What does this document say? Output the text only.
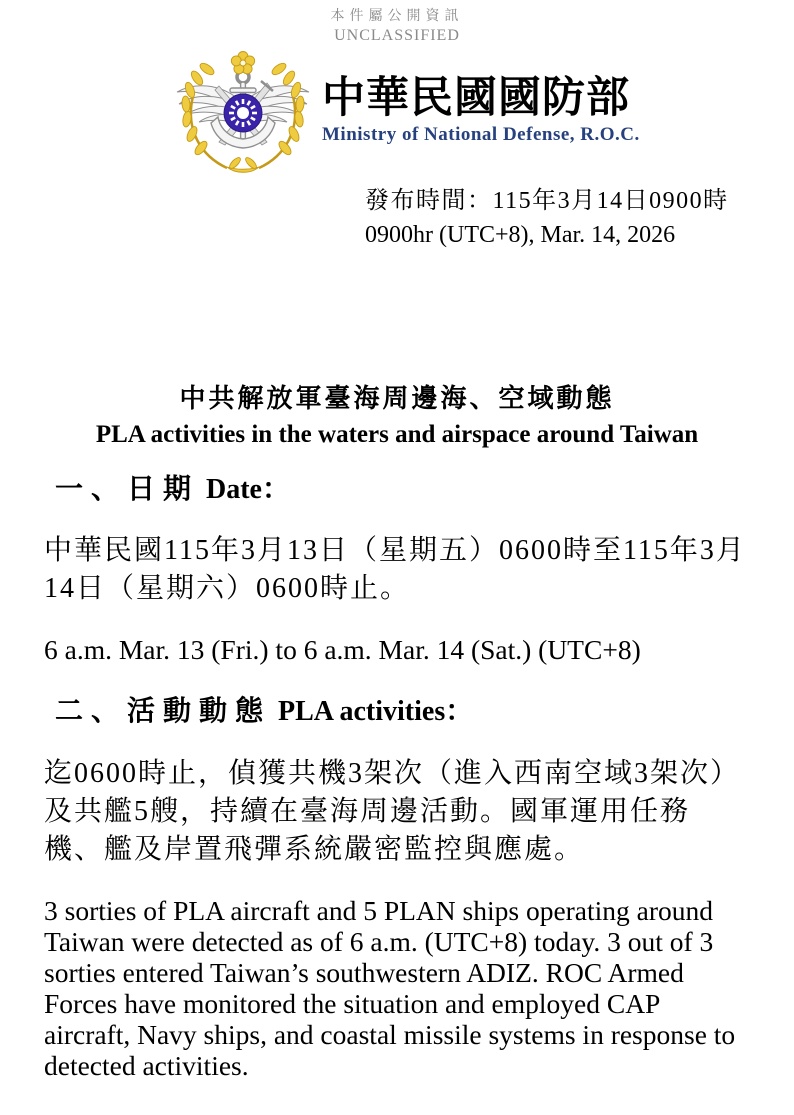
本件屬公開資訊
UNCLASSIFIED
中華民國國防部
Ministry of National Defense, R.O.C.
發布時間：115年3月14日0900時
0900hr (UTC+8), Mar. 14, 2026
中共解放軍臺海周邊海、空域動態
PLA activities in the waters and airspace around Taiwan
一、日期 Date：
中華民國115年3月13日（星期五）0600時至115年3月14日（星期六）0600時止。
6 a.m. Mar. 13 (Fri.) to 6 a.m. Mar. 14 (Sat.) (UTC+8)
二、活動動態 PLA activities：
迄0600時止，偵獲共機3架次（進入西南空域3架次）及共艦5艘，持續在臺海周邊活動。國軍運用任務機、艦及岸置飛彈系統嚴密監控與應處。
3 sorties of PLA aircraft and 5 PLAN ships operating around Taiwan were detected as of 6 a.m. (UTC+8) today. 3 out of 3 sorties entered Taiwan’s southwestern ADIZ. ROC Armed Forces have monitored the situation and employed CAP aircraft, Navy ships, and coastal missile systems in response to detected activities.
